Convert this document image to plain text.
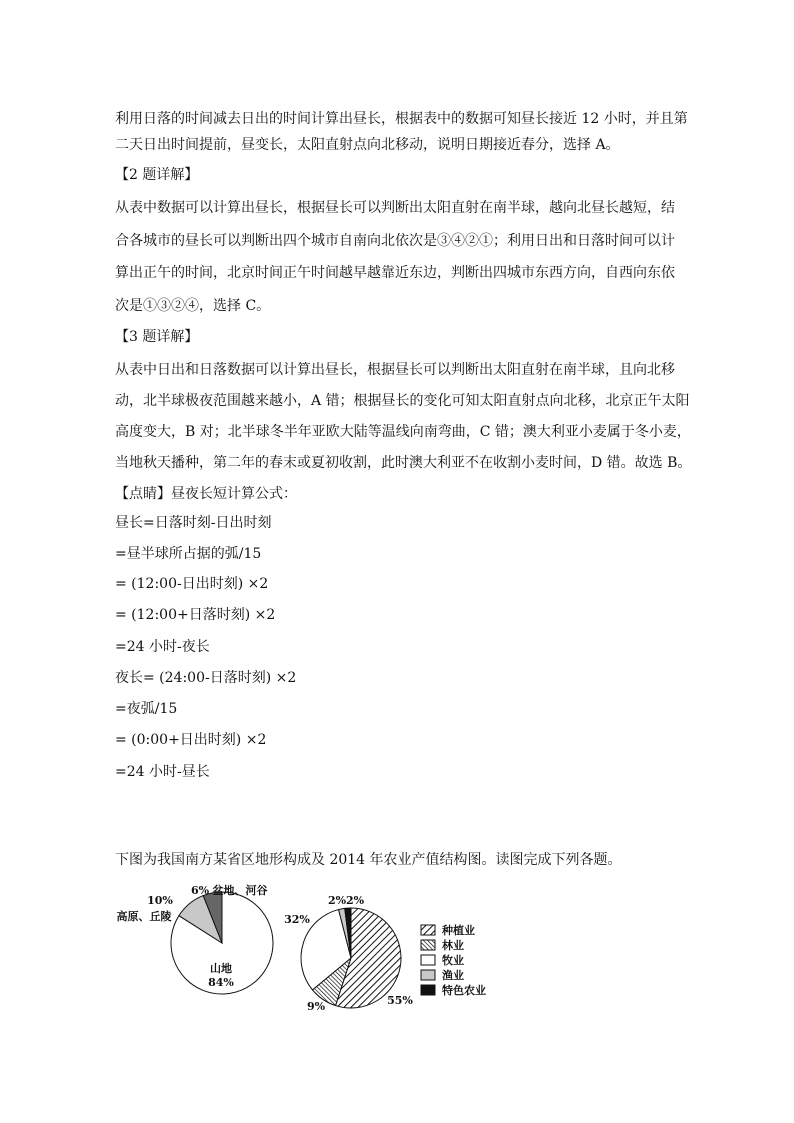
利用日落的时间减去日出的时间计算出昼长，根据表中的数据可知昼长接近 12 小时，并且第
二天日出时间提前，昼变长，太阳直射点向北移动，说明日期接近春分，选择 A。
【2 题详解】
从表中数据可以计算出昼长，根据昼长可以判断出太阳直射在南半球，越向北昼长越短，结
合各城市的昼长可以判断出四个城市自南向北依次是③④②①；利用日出和日落时间可以计
算出正午的时间，北京时间正午时间越早越靠近东边，判断出四城市东西方向，自西向东依
次是①③②④，选择 C。
【3 题详解】
从表中日出和日落数据可以计算出昼长，根据昼长可以判断出太阳直射在南半球，且向北移
动，北半球极夜范围越来越小，A 错；根据昼长的变化可知太阳直射点向北移，北京正午太阳
高度变大，B 对；北半球冬半年亚欧大陆等温线向南弯曲，C 错；澳大利亚小麦属于冬小麦，
当地秋天播种，第二年的春末或夏初收割，此时澳大利亚不在收割小麦时间，D 错。故选 B。
【点睛】昼夜长短计算公式：
昼长=日落时刻-日出时刻
=昼半球所占据的弧/15
= (12:00-日出时刻) ×2
= (12:00+日落时刻) ×2
=24 小时-夜长
夜长= (24:00-日落时刻) ×2
=夜弧/15
= (0:00+日出时刻) ×2
=24 小时-昼长
下图为我国南方某省区地形构成及 2014 年农业产值结构图。读图完成下列各题。
山地
84%
10%
高原、丘陵
6% 盆地、河谷
55%
9%
32%
2% 2%
种植业
林业
牧业
渔业
特色农业
